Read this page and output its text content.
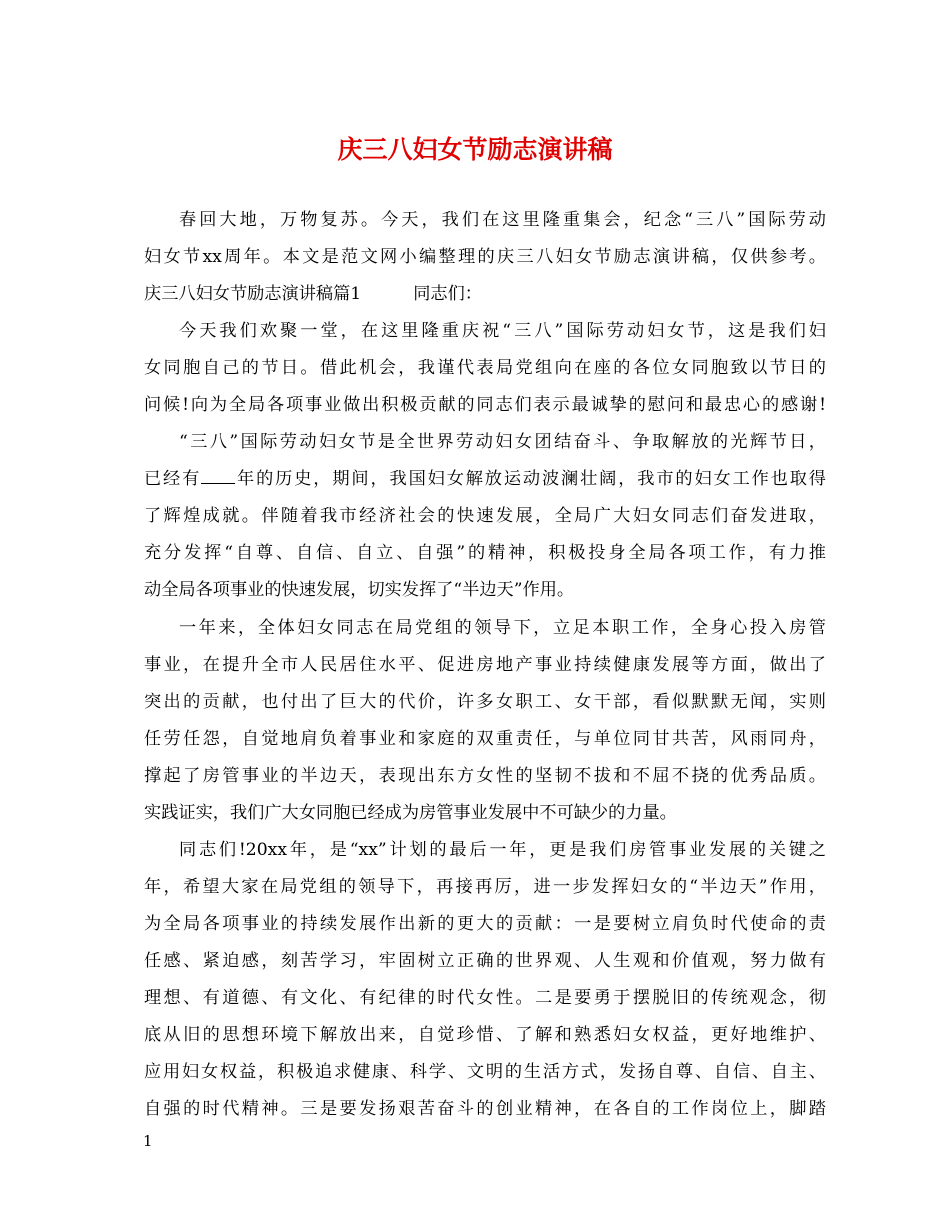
庆三八妇女节励志演讲稿
春回大地，万物复苏。今天，我们在这里隆重集会，纪念“三八”国际劳动
妇女节xx周年。本文是范文网小编整理的庆三八妇女节励志演讲稿，仅供参考。
庆三八妇女节励志演讲稿篇1	同志们：
今天我们欢聚一堂，在这里隆重庆祝“三八”国际劳动妇女节，这是我们妇
女同胞自己的节日。借此机会，我谨代表局党组向在座的各位女同胞致以节日的
问候!向为全局各项事业做出积极贡献的同志们表示最诚挚的慰问和最忠心的感谢!
“三八”国际劳动妇女节是全世界劳动妇女团结奋斗、争取解放的光辉节日，
已经有 年的历史，期间，我国妇女解放运动波澜壮阔，我市的妇女工作也取得
了辉煌成就。伴随着我市经济社会的快速发展，全局广大妇女同志们奋发进取，
充分发挥“自尊、自信、自立、自强”的精神，积极投身全局各项工作，有力推
动全局各项事业的快速发展，切实发挥了“半边天”作用。
一年来，全体妇女同志在局党组的领导下，立足本职工作，全身心投入房管
事业，在提升全市人民居住水平、促进房地产事业持续健康发展等方面，做出了
突出的贡献，也付出了巨大的代价，许多女职工、女干部，看似默默无闻，实则
任劳任怨，自觉地肩负着事业和家庭的双重责任，与单位同甘共苦，风雨同舟，
撑起了房管事业的半边天，表现出东方女性的坚韧不拔和不屈不挠的优秀品质。
实践证实，我们广大女同胞已经成为房管事业发展中不可缺少的力量。
同志们!20xx年，是“xx”计划的最后一年，更是我们房管事业发展的关键之
年，希望大家在局党组的领导下，再接再厉，进一步发挥妇女的“半边天”作用，
为全局各项事业的持续发展作出新的更大的贡献：一是要树立肩负时代使命的责
任感、紧迫感，刻苦学习，牢固树立正确的世界观、人生观和价值观，努力做有
理想、有道德、有文化、有纪律的时代女性。二是要勇于摆脱旧的传统观念，彻
底从旧的思想环境下解放出来，自觉珍惜、了解和熟悉妇女权益，更好地维护、
应用妇女权益，积极追求健康、科学、文明的生活方式，发扬自尊、自信、自主、
自强的时代精神。三是要发扬艰苦奋斗的创业精神，在各自的工作岗位上，脚踏
1
